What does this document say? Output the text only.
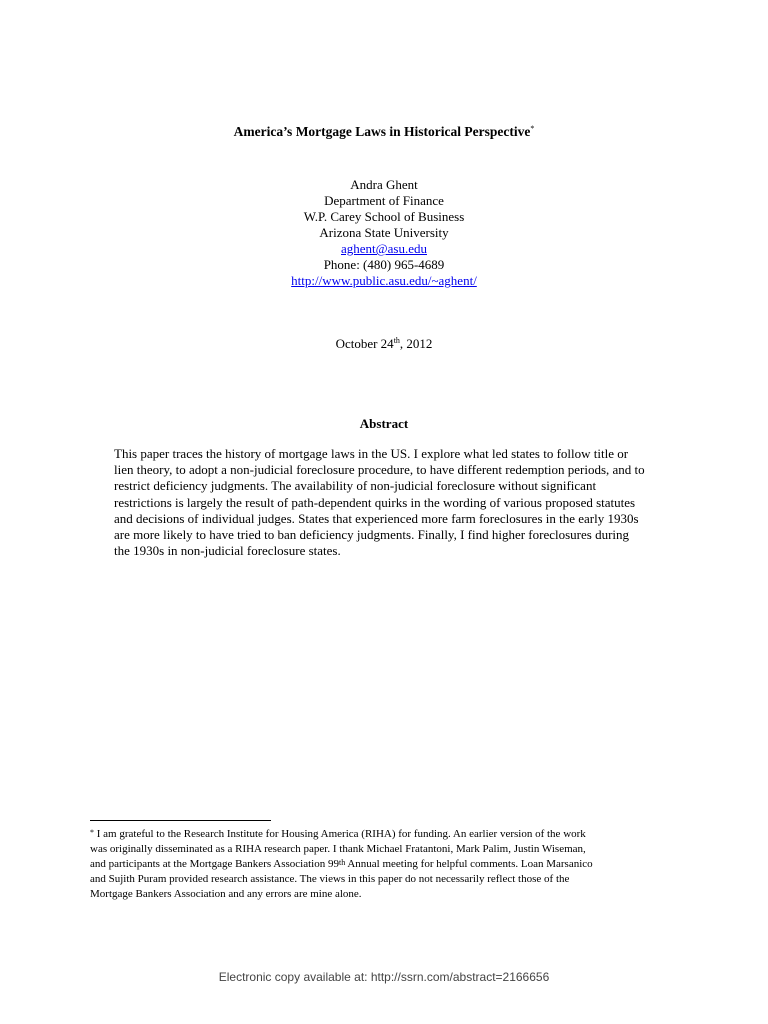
America’s Mortgage Laws in Historical Perspective*
Andra Ghent
Department of Finance
W.P. Carey School of Business
Arizona State University
aghent@asu.edu
Phone: (480) 965-4689
http://www.public.asu.edu/~aghent/
October 24th, 2012
Abstract
This paper traces the history of mortgage laws in the US. I explore what led states to follow title or
lien theory, to adopt a non-judicial foreclosure procedure, to have different redemption periods, and to
restrict deficiency judgments. The availability of non-judicial foreclosure without significant
restrictions is largely the result of path-dependent quirks in the wording of various proposed statutes
and decisions of individual judges. States that experienced more farm foreclosures in the early 1930s
are more likely to have tried to ban deficiency judgments. Finally, I find higher foreclosures during
the 1930s in non-judicial foreclosure states.
* I am grateful to the Research Institute for Housing America (RIHA) for funding. An earlier version of the work
was originally disseminated as a RIHA research paper. I thank Michael Fratantoni, Mark Palim, Justin Wiseman,
and participants at the Mortgage Bankers Association 99th Annual meeting for helpful comments. Loan Marsanico
and Sujith Puram provided research assistance. The views in this paper do not necessarily reflect those of the
Mortgage Bankers Association and any errors are mine alone.
Electronic copy available at: http://ssrn.com/abstract=2166656
